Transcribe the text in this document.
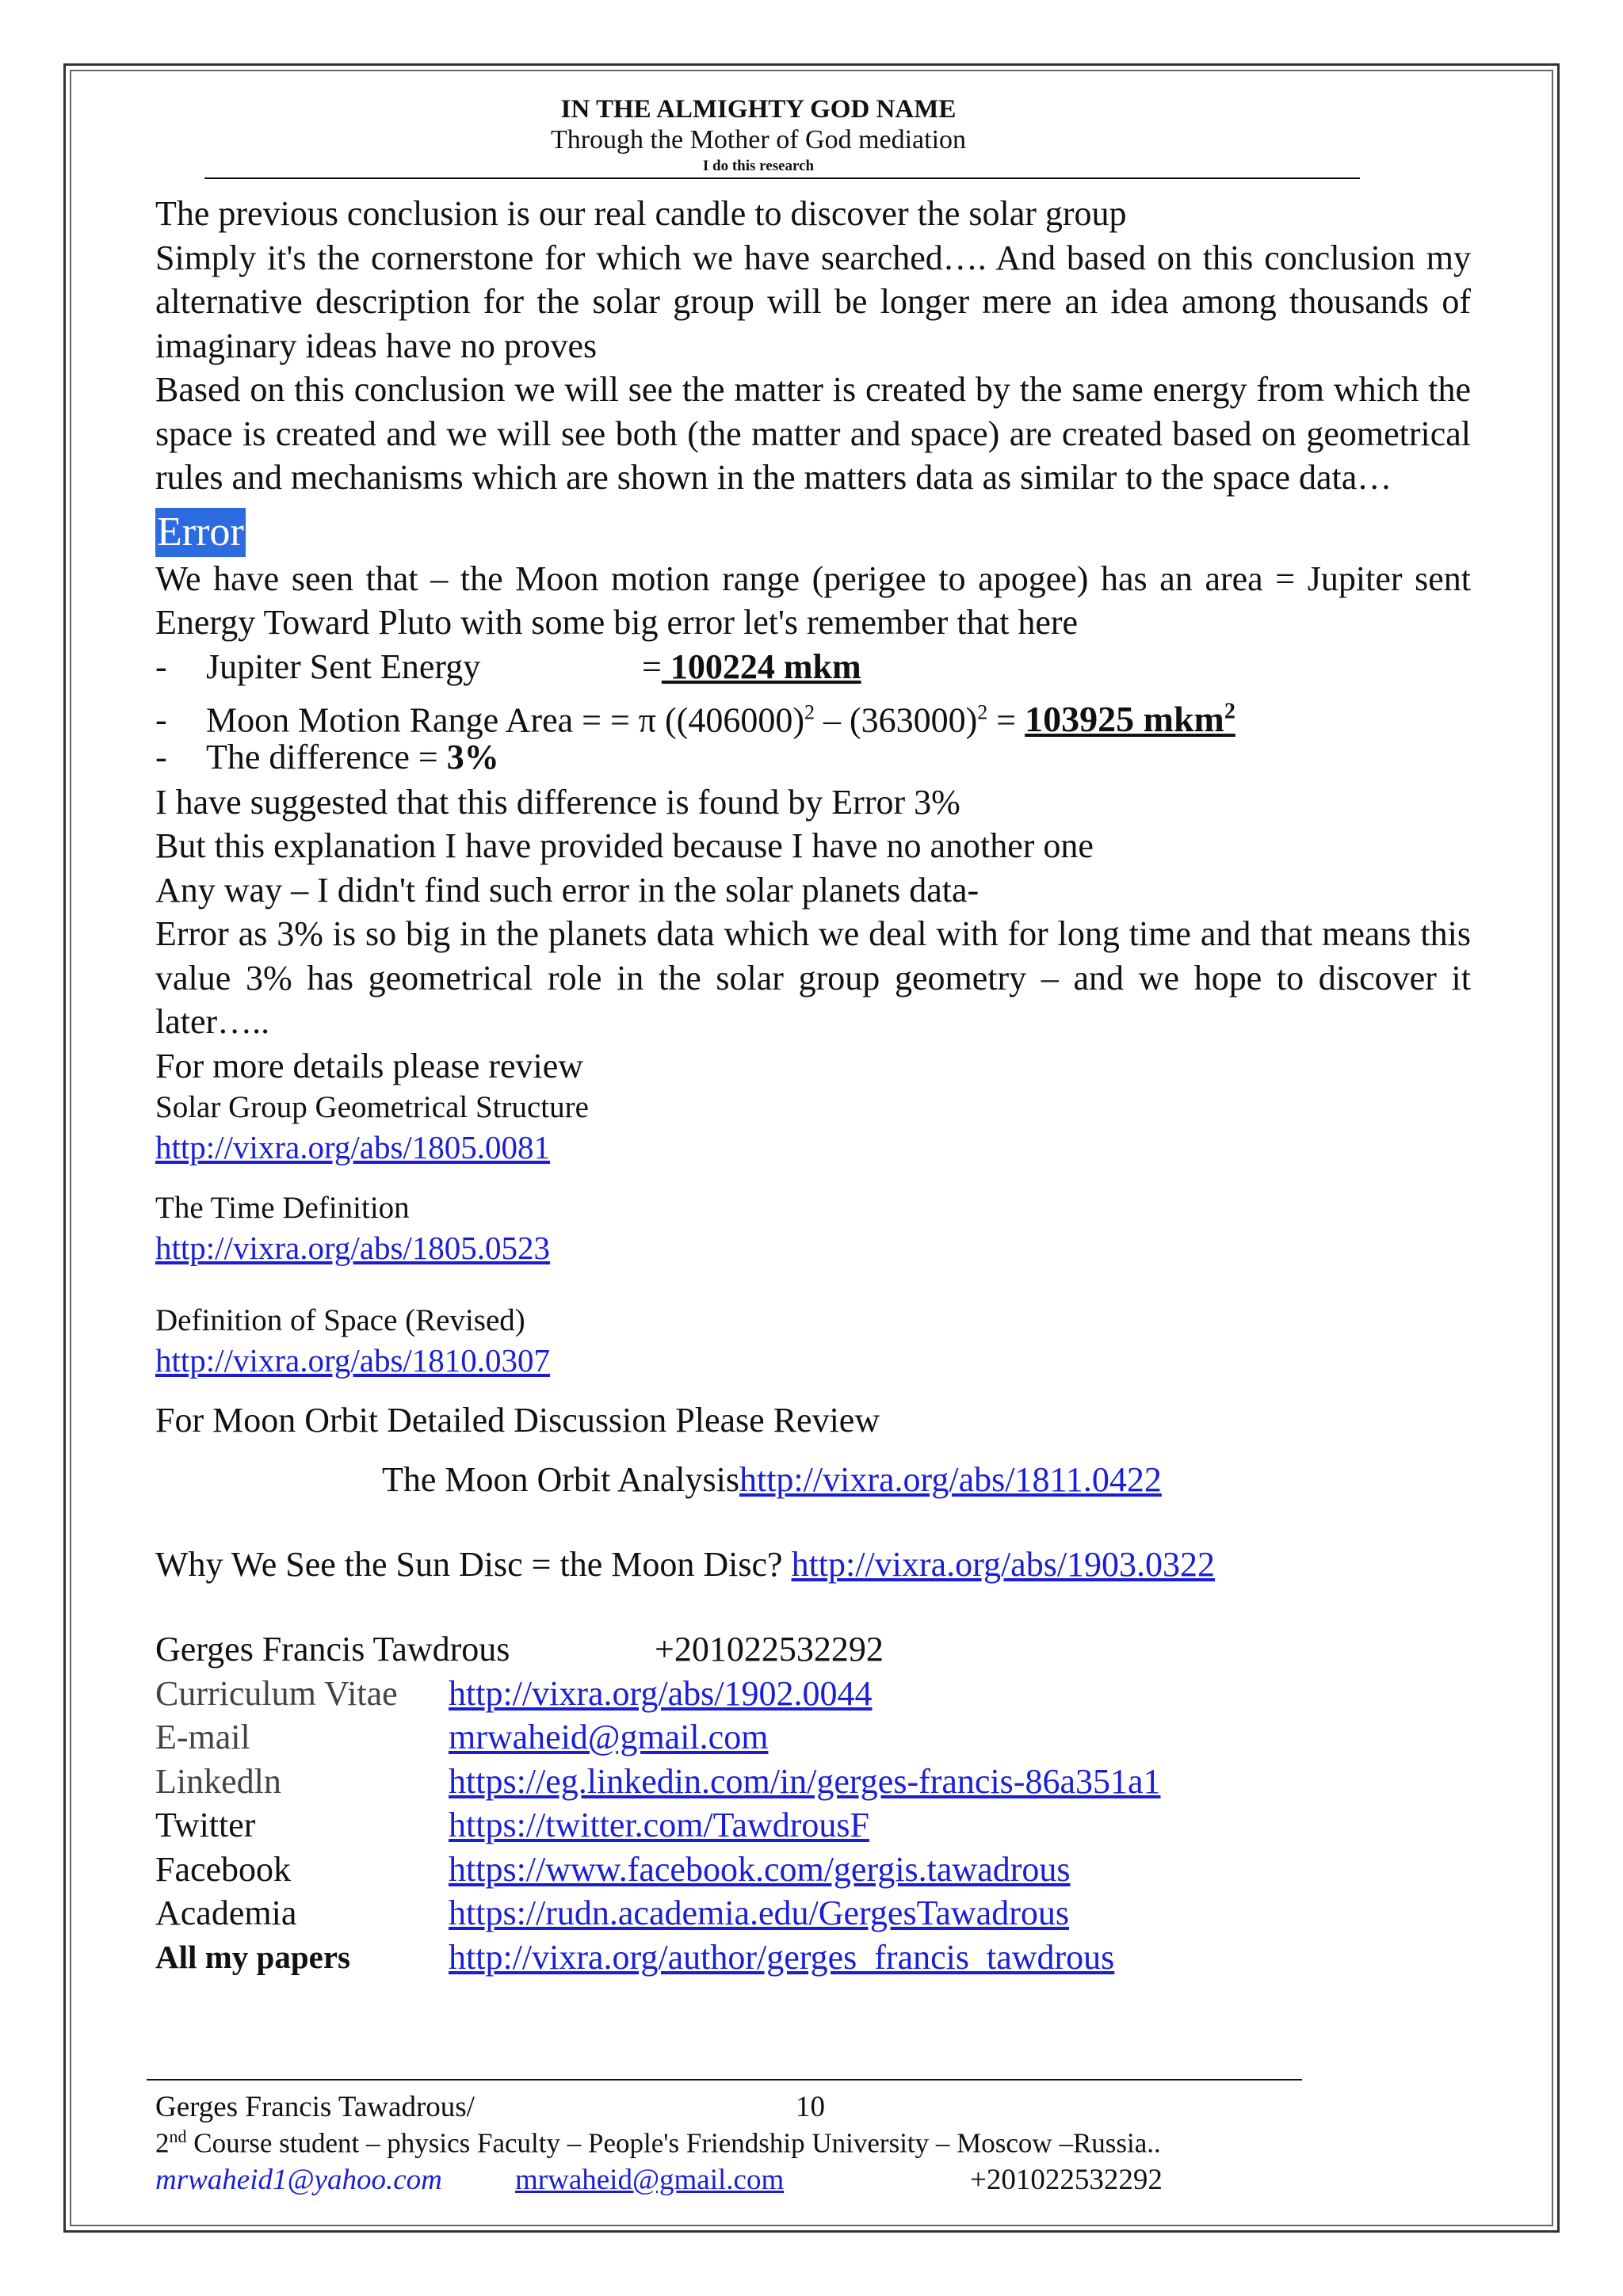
IN THE ALMIGHTY GOD NAME
Through the Mother of God mediation
I do this research

The previous conclusion is our real candle to discover the solar group

Simply it's the cornerstone for which we have searched…. And based on this conclusion my alternative description for the solar group will be longer mere an idea among thousands of imaginary ideas have no proves

Based on this conclusion we will see the matter is created by the same energy from which the space is created and we will see both (the matter and space) are created based on geometrical rules and mechanisms which are shown in the matters data as similar to the space data…

Error

We have seen that – the Moon motion range (perigee to apogee) has an area = Jupiter sent Energy Toward Pluto with some big error let's remember that here

- Jupiter Sent Energy	= 100224 mkm
- Moon Motion Range Area = = π ($(406000)^2 - (363000)^2 = 103925$ mkm$^2$
- The difference = 3%

I have suggested that this difference is found by Error 3%

But this explanation I have provided because I have no another one

Any way – I didn't find such error in the solar planets data-

Error as 3% is so big in the planets data which we deal with for long time and that means this value 3% has geometrical role in the solar group geometry – and we hope to discover it later…..

For more details please review

Solar Group Geometrical Structure
http://vixra.org/abs/1805.0081
The Time Definition
http://vixra.org/abs/1805.0523
Definition of Space (Revised)
http://vixra.org/abs/1810.0307
For Moon Orbit Detailed Discussion Please Review
The Moon Orbit Analysishttp://vixra.org/abs/1811.0422
Why We See the Sun Disc = the Moon Disc? http://vixra.org/abs/1903.0322
Gerges Francis Tawdrous	+201022532292
Curriculum Vitae http://vixra.org/abs/1902.0044
E-mail	mrwaheid@gmail.com
Linkedln	https://eg.linkedin.com/in/gerges-francis-86a351a1
Twitter	https://twitter.com/TawdrousF
Facebook	https://www.facebook.com/gergis.tawadrous
Academia	https://rudn.academia.edu/GergesTawadrous
All my papers	http://vixra.org/author/gerges_francis_tawdrous
Gerges Francis Tawadrous/	10
2nd Course student – physics Faculty – People's Friendship University – Moscow –Russia..
mrwaheid1@yahoo.com mrwaheid@gmail.com	+201022532292
